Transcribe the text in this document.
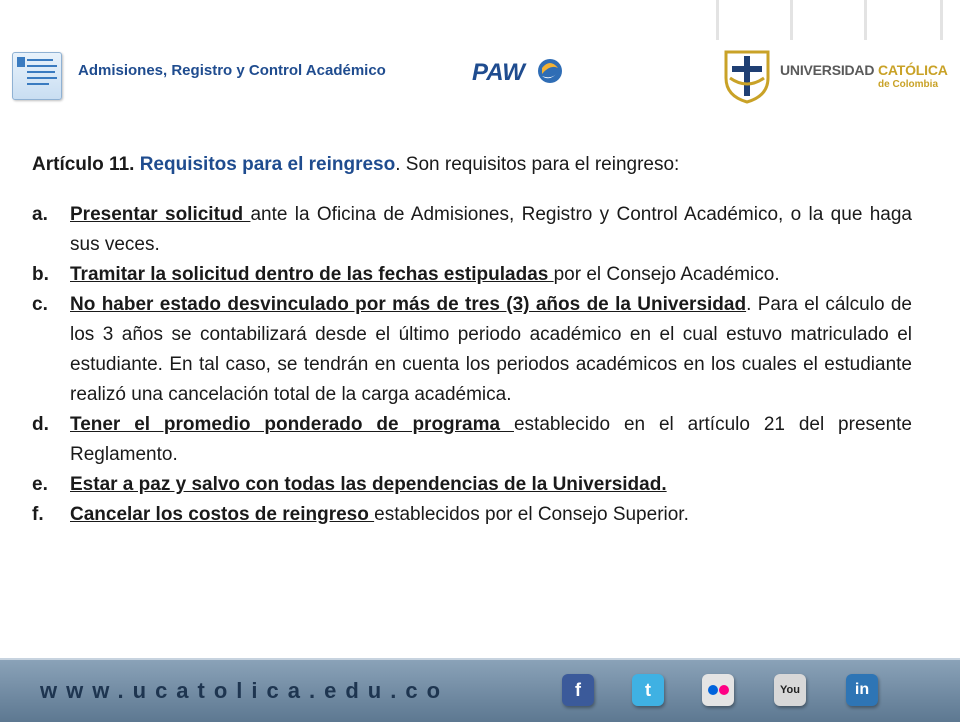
Admisiones, Registro y Control Académico	PAW	UNIVERSIDAD CATÓLICA
de Colombia

Artículo 11. Requisitos para el reingreso. Son requisitos para el reingreso:

a. Presentar solicitud ante la Oficina de Admisiones, Registro y Control Académico, o la que haga sus veces.
b. Tramitar la solicitud dentro de las fechas estipuladas por el Consejo Académico.
c. No haber estado desvinculado por más de tres (3) años de la Universidad. Para el cálculo de los 3 años se contabilizará desde el último periodo académico en el cual estuvo matriculado el estudiante. En tal caso, se tendrán en cuenta los periodos académicos en los cuales el estudiante realizó una cancelación total de la carga académica.
d. Tener el promedio ponderado de programa establecido en el artículo 21 del presente Reglamento.
e. Estar a paz y salvo con todas las dependencias de la Universidad.
f. Cancelar los costos de reingreso establecidos por el Consejo Superior.
www.ucatolica.edu.co	f	t	You	in
